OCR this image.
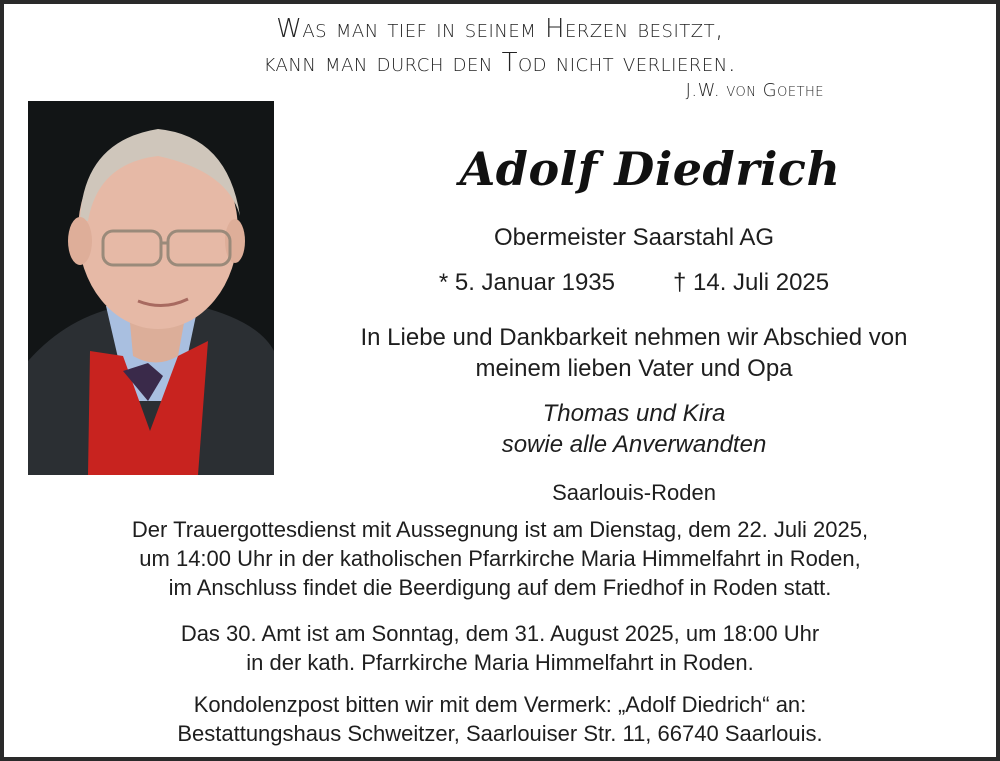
Was man tief in seinem Herzen besitzt,
kann man durch den Tod nicht verlieren.
J.W. von Goethe
Adolf Diedrich
Obermeister Saarstahl AG
* 5. Januar 1935 † 14. Juli 2025
In Liebe und Dankbarkeit nehmen wir Abschied von
meinem lieben Vater und Opa
Thomas und Kira
sowie alle Anverwandten
Saarlouis-Roden
Der Trauergottesdienst mit Aussegnung ist am Dienstag, dem 22. Juli 2025,
um 14:00 Uhr in der katholischen Pfarrkirche Maria Himmelfahrt in Roden,
im Anschluss findet die Beerdigung auf dem Friedhof in Roden statt.
Das 30. Amt ist am Sonntag, dem 31. August 2025, um 18:00 Uhr
in der kath. Pfarrkirche Maria Himmelfahrt in Roden.
Kondolenzpost bitten wir mit dem Vermerk: „Adolf Diedrich“ an:
Bestattungshaus Schweitzer, Saarlouiser Str. 11, 66740 Saarlouis.
